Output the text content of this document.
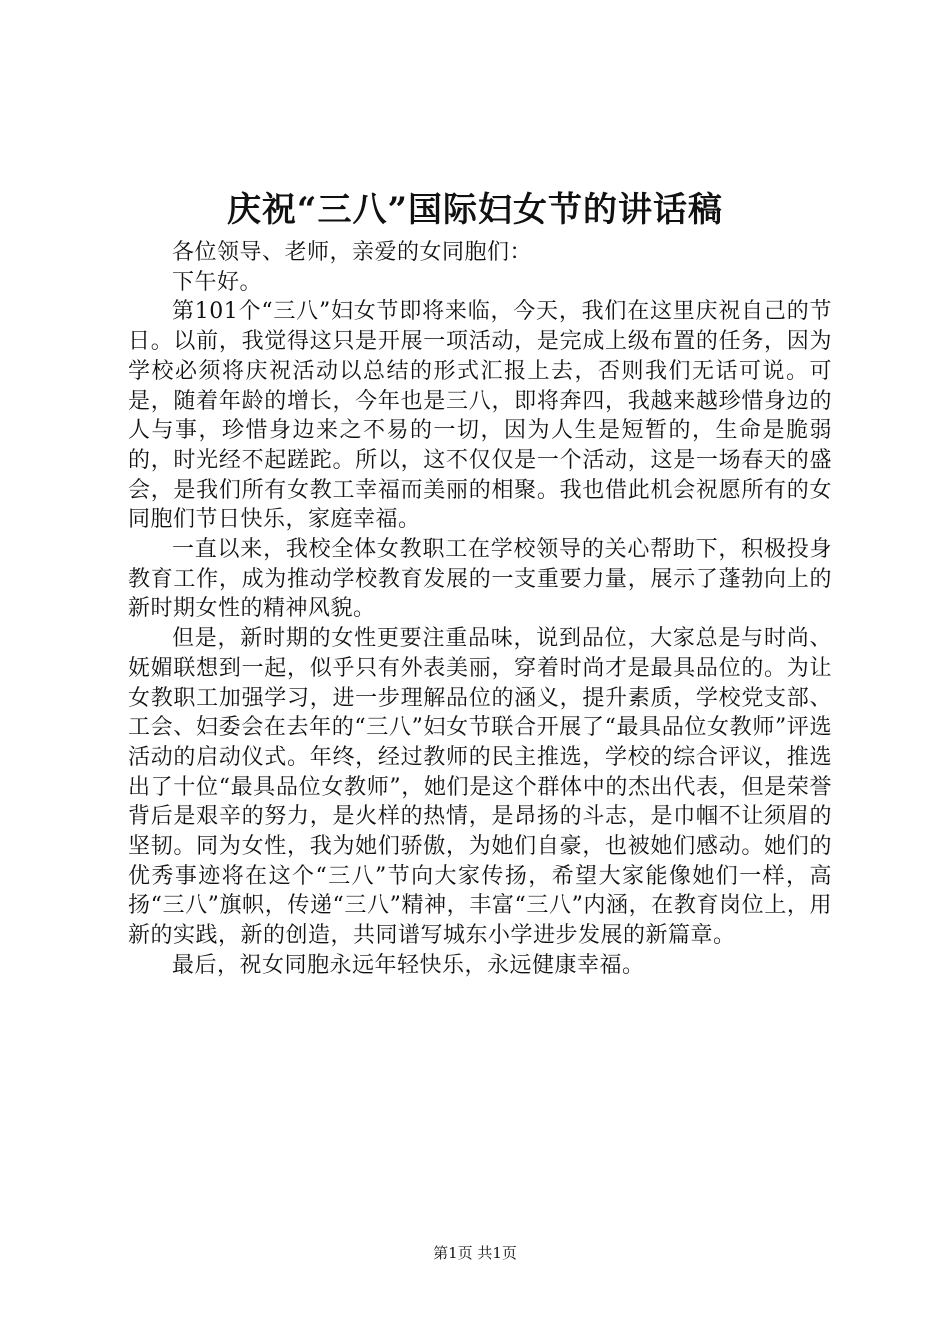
庆祝“三八”国际妇女节的讲话稿

各位领导、老师，亲爱的女同胞们：

下午好。

第101个“三八”妇女节即将来临，今天，我们在这里庆祝自己的节日。以前，我觉得这只是开展一项活动，是完成上级布置的任务，因为学校必须将庆祝活动以总结的形式汇报上去，否则我们无话可说。可是，随着年龄的增长，今年也是三八，即将奔四，我越来越珍惜身边的人与事，珍惜身边来之不易的一切，因为人生是短暂的，生命是脆弱的，时光经不起蹉跎。所以，这不仅仅是一个活动，这是一场春天的盛会，是我们所有女教工幸福而美丽的相聚。我也借此机会祝愿所有的女同胞们节日快乐，家庭幸福。

一直以来，我校全体女教职工在学校领导的关心帮助下，积极投身教育工作，成为推动学校教育发展的一支重要力量，展示了蓬勃向上的新时期女性的精神风貌。

但是，新时期的女性更要注重品味，说到品位，大家总是与时尚、妩媚联想到一起，似乎只有外表美丽，穿着时尚才是最具品位的。为让女教职工加强学习，进一步理解品位的涵义，提升素质，学校党支部、工会、妇委会在去年的“三八”妇女节联合开展了“最具品位女教师”评选活动的启动仪式。年终，经过教师的民主推选，学校的综合评议，推选出了十位“最具品位女教师”，她们是这个群体中的杰出代表，但是荣誉背后是艰辛的努力，是火样的热情，是昂扬的斗志，是巾帼不让须眉的坚韧。同为女性，我为她们骄傲，为她们自豪，也被她们感动。她们的优秀事迹将在这个“三八”节向大家传扬，希望大家能像她们一样，高扬“三八”旗帜，传递“三八”精神，丰富“三八”内涵，在教育岗位上，用新的实践，新的创造，共同谱写城东小学进步发展的新篇章。

最后，祝女同胞永远年轻快乐，永远健康幸福。

第1页 共1页
